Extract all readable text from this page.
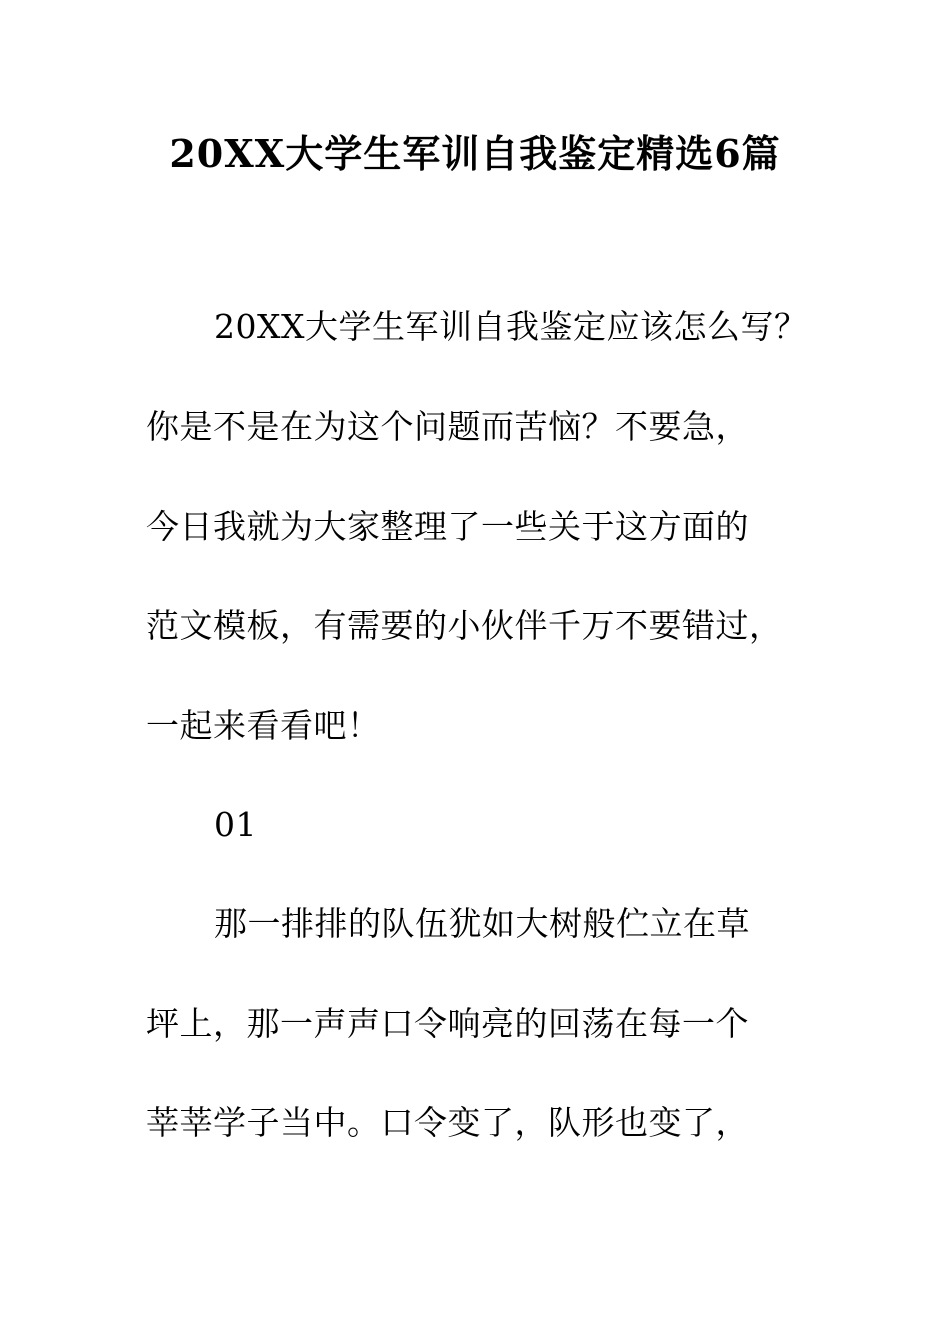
20XX大学生军训自我鉴定精选6篇
20XX大学生军训自我鉴定应该怎么写？
你是不是在为这个问题而苦恼？不要急，
今日我就为大家整理了一些关于这方面的
范文模板，有需要的小伙伴千万不要错过，
一起来看看吧！
01
那一排排的队伍犹如大树般伫立在草
坪上，那一声声口令响亮的回荡在每一个
莘莘学子当中。口令变了，队形也变了，
